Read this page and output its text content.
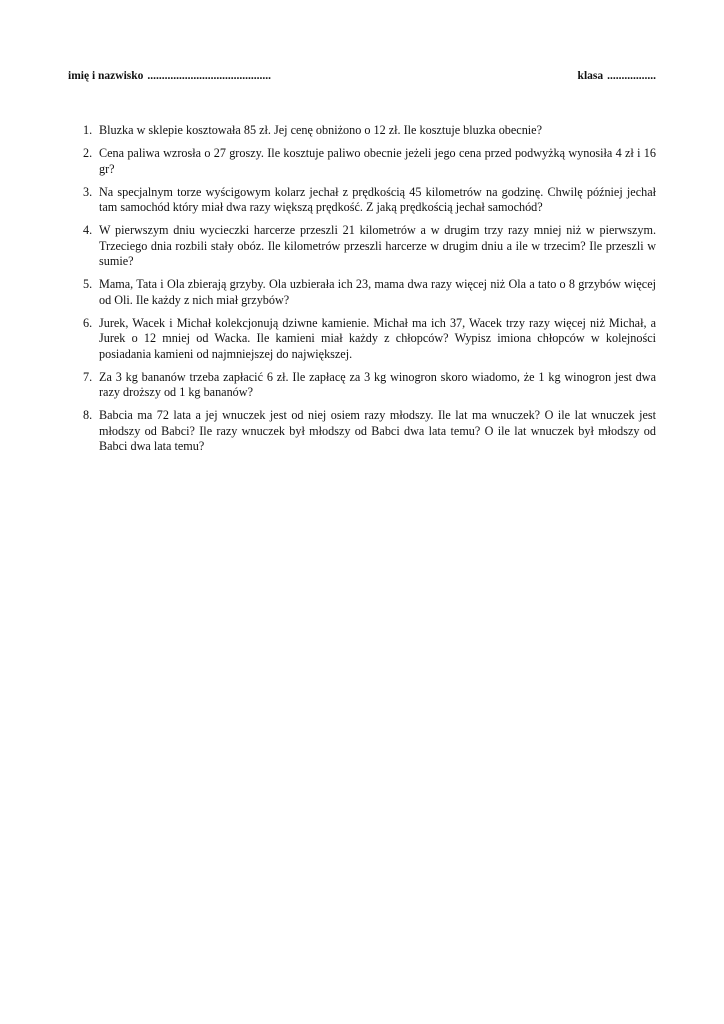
imię i nazwisko ...........................................	klasa .................
1. Bluzka w sklepie kosztowała 85 zł. Jej cenę obniżono o 12 zł. Ile kosztuje bluzka obecnie?
2. Cena paliwa wzrosła o 27 groszy. Ile kosztuje paliwo obecnie jeżeli jego cena przed podwyżką wynosiła 4 zł i 16 gr?
3. Na specjalnym torze wyścigowym kolarz jechał z prędkością 45 kilometrów na godzinę. Chwilę później jechał tam samochód który miał dwa razy większą prędkość. Z jaką prędkością jechał samochód?
4. W pierwszym dniu wycieczki harcerze przeszli 21 kilometrów a w drugim trzy razy mniej niż w pierwszym. Trzeciego dnia rozbili stały obóz. Ile kilometrów przeszli harcerze w drugim dniu a ile w trzecim? Ile przeszli w sumie?
5. Mama, Tata i Ola zbierają grzyby. Ola uzbierała ich 23, mama dwa razy więcej niż Ola a tato o 8 grzybów więcej od Oli. Ile każdy z nich miał grzybów?
6. Jurek, Wacek i Michał kolekcjonują dziwne kamienie. Michał ma ich 37, Wacek trzy razy więcej niż Michał, a Jurek o 12 mniej od Wacka. Ile kamieni miał każdy z chłopców? Wypisz imiona chłopców w kolejności posiadania kamieni od najmniejszej do największej.
7. Za 3 kg bananów trzeba zapłacić 6 zł. Ile zapłacę za 3 kg winogron skoro wiadomo, że 1 kg winogron jest dwa razy droższy od 1 kg bananów?
8. Babcia ma 72 lata a jej wnuczek jest od niej osiem razy młodszy. Ile lat ma wnuczek? O ile lat wnuczek jest młodszy od Babci? Ile razy wnuczek był młodszy od Babci dwa lata temu? O ile lat wnuczek był młodszy od Babci dwa lata temu?
